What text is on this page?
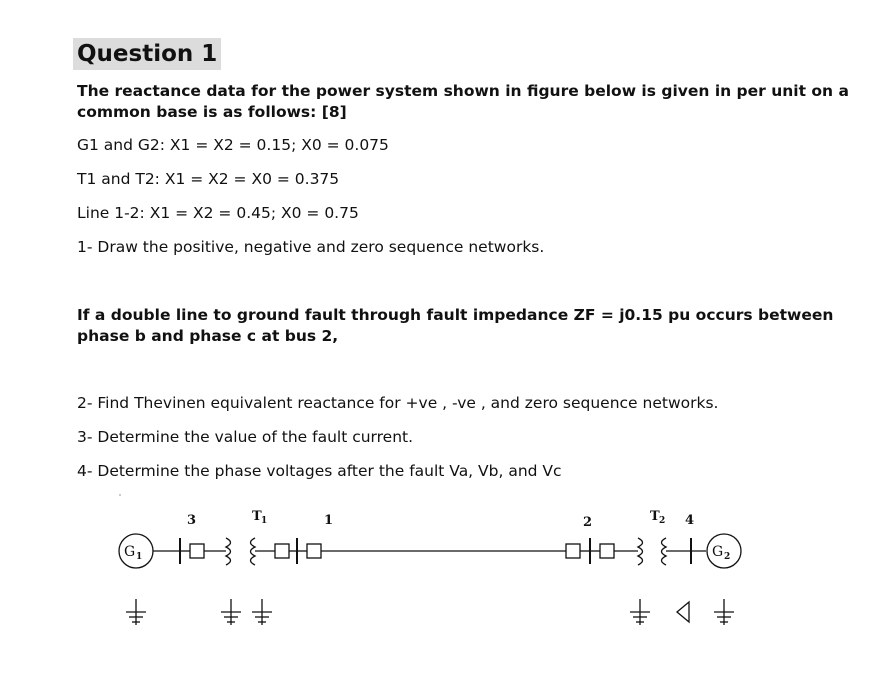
Question 1
The reactance data for the power system shown in figure below is given in per unit on a common base is as follows: [8]
G1 and G2: X1 = X2 = 0.15; X0 = 0.075
T1 and T2: X1 = X2 = X0 = 0.375
Line 1-2: X1 = X2 = 0.45; X0 = 0.75
1- Draw the positive, negative and zero sequence networks.
If a double line to ground fault through fault impedance ZF = j0.15 pu occurs between phase b and phase c at bus 2,
2- Find Thevinen equivalent reactance for +ve , -ve , and zero sequence networks.
3- Determine the value of the fault current.
4- Determine the phase voltages after the fault Va, Vb, and Vc
G 1	G 2
T 1	T 2
3	1	2	4
